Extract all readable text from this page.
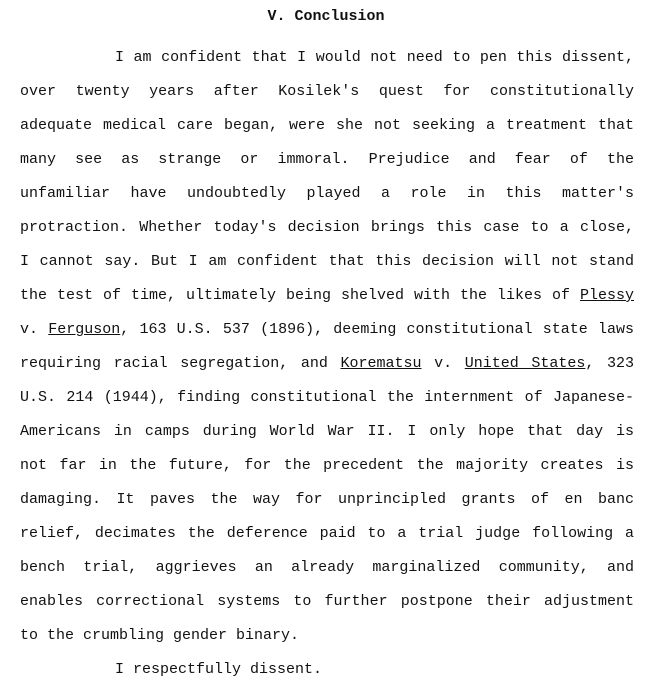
V. Conclusion
I am confident that I would not need to pen this dissent,
over twenty years after Kosilek's quest for constitutionally
adequate medical care began, were she not seeking a treatment that
many see as strange or immoral. Prejudice and fear of the
unfamiliar have undoubtedly played a role in this matter's
protraction. Whether today's decision brings this case to a close,
I cannot say. But I am confident that this decision will not stand
the test of time, ultimately being shelved with the likes of Plessy
v. Ferguson, 163 U.S. 537 (1896), deeming constitutional state laws
requiring racial segregation, and Korematsu v. United States, 323
U.S. 214 (1944), finding constitutional the internment of Japanese-
Americans in camps during World War II. I only hope that day is
not far in the future, for the precedent the majority creates is
damaging. It paves the way for unprincipled grants of en banc
relief, decimates the deference paid to a trial judge following a
bench trial, aggrieves an already marginalized community, and
enables correctional systems to further postpone their adjustment
to the crumbling gender binary.
I respectfully dissent.
